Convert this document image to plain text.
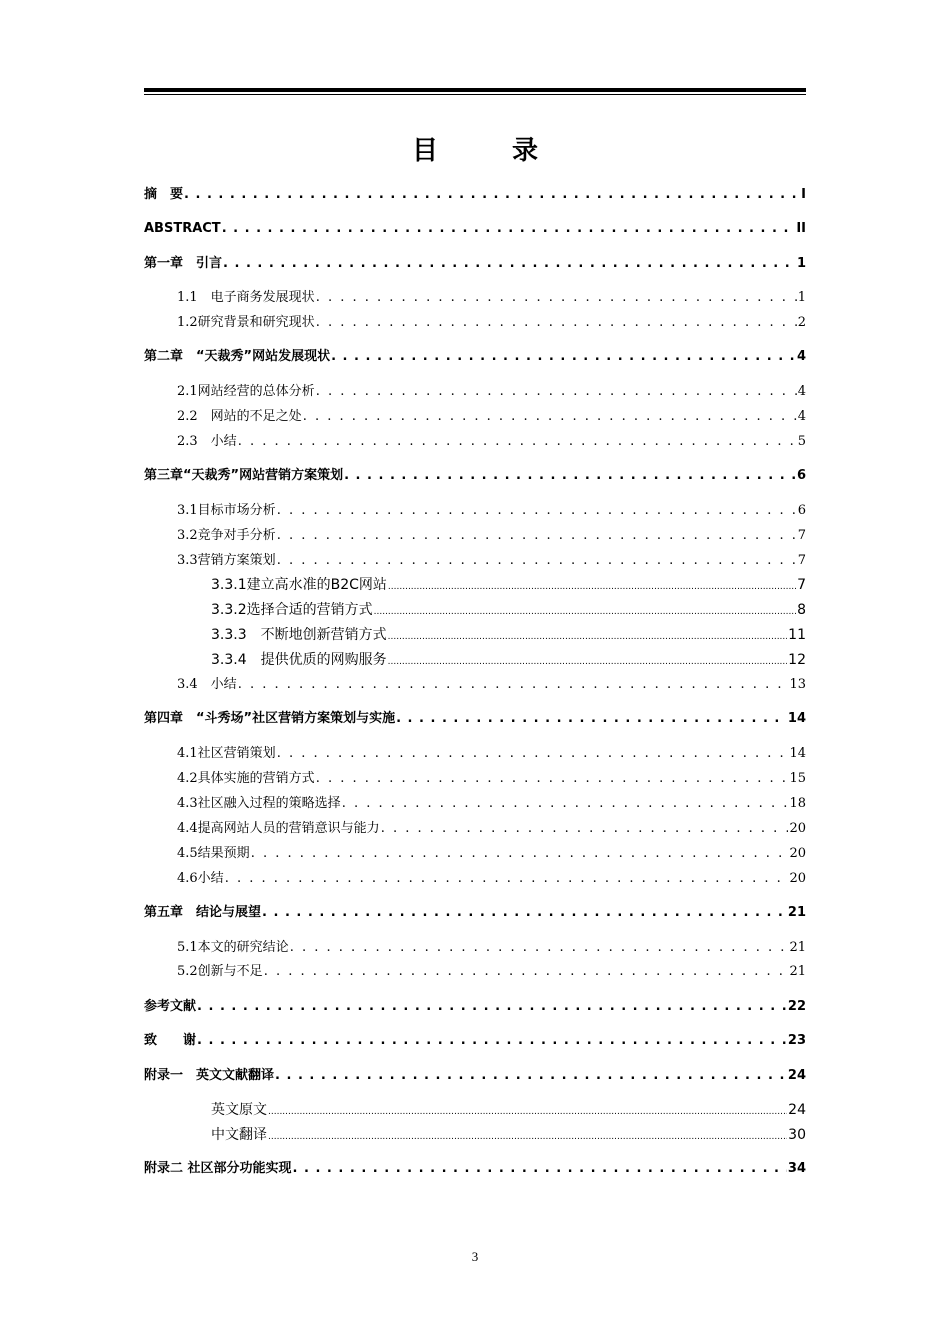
目　录
摘　要 . . .	I
ABSTRACT . . .	II
第一章　引言 . . .	1
1.1　电子商务发展现状 . . .	1
1.2研究背景和研究现状 . . .	2
第二章　“天裁秀”网站发展现状 . . .	4
2.1网站经营的总体分析 . . .	4
2.2　网站的不足之处 . . .	4
2.3　小结 . . .	5
第三章“天裁秀”网站营销方案策划 . . .	6
3.1目标市场分析 . . .	6
3.2竞争对手分析 . . .	7
3.3营销方案策划 . . .	7
3.3.1建立高水准的B2C网站 .....	7
3.3.2选择合适的营销方式 .....	8
3.3.3　不断地创新营销方式 .....	11
3.3.4　提供优质的网购服务 .....	12
3.4　小结 . . .	13
第四章　“斗秀场”社区营销方案策划与实施 . . .	14
4.1社区营销策划 . . .	14
4.2具体实施的营销方式 . . .	15
4.3社区融入过程的策略选择 . . .	18
4.4提高网站人员的营销意识与能力 . . .	20
4.5结果预期 . . .	20
4.6小结 . . .	20
第五章　结论与展望 . . .	21
5.1本文的研究结论 . . .	21
5.2创新与不足 . . .	21
参考文献 . . .	22
致　　谢 . . .	23
附录一　英文文献翻译 . . .	24
英文原文 .....	24
中文翻译 .....	30
附录二 社区部分功能实现 . . .	34
3
